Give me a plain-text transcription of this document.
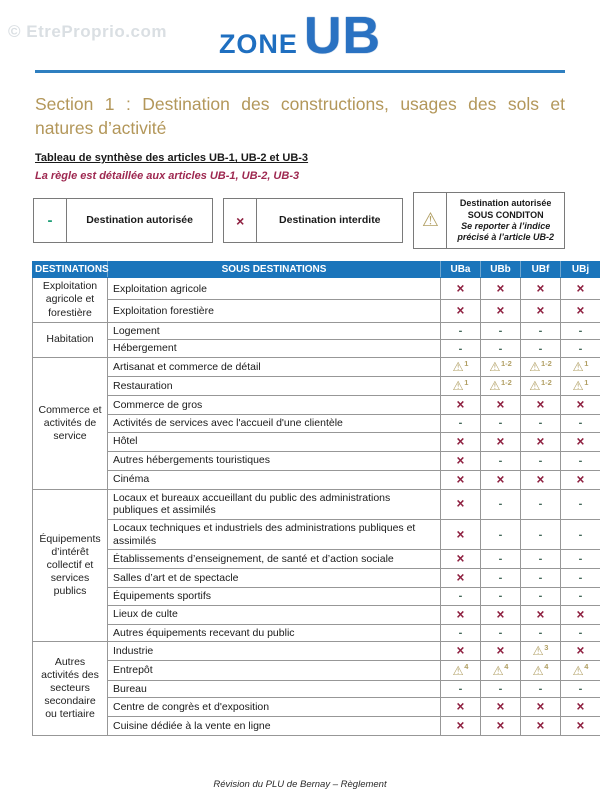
© EtreProprio.com ZONE UB
Section 1 : Destination des constructions, usages des sols et natures d’activité
Tableau de synthèse des articles UB-1, UB-2 et UB-3
La règle est détaillée aux articles UB-1, UB-2, UB-3
-	Destination autorisée	×	Destination interdite	⚠︎
Destination autorisée
SOUS CONDITON
Se reporter à l’indice
précisé à l’article UB-2
DESTINATIONS	SOUS DESTINATIONS	UBa	UBb	UBf	UBj
Exploitation agricole et forestière	Exploitation agricole	×	×	×	×
	Exploitation forestière	×	×	×	×
Habitation	Logement	-	-	-	-
	Hébergement	-	-	-	-
Commerce et activités de service	Artisanat et commerce de détail	⚠︎$^1$	⚠︎$^{1-2}$	⚠︎$^{1-2}$	⚠︎$^1$
	Restauration	⚠︎$^1$	⚠︎$^{1-2}$	⚠︎$^{1-2}$	⚠︎$^1$
	Commerce de gros	×	×	×	×
	Activités de services avec l'accueil d'une clientèle	-	-	-	-
	Hôtel	×	×	×	×
	Autres hébergements touristiques	×	-	-	-
	Cinéma	×	×	×	×
Équipements d’intérêt collectif et services publics	Locaux et bureaux accueillant du public des administrations publiques et assimilés	×	-	-	-
	Locaux techniques et industriels des administrations publiques et assimilés	×	-	-	-
	Établissements d’enseignement, de santé et d’action sociale	×	-	-	-
	Salles d’art et de spectacle	×	-	-	-
	Équipements sportifs	-	-	-	-
	Lieux de culte	×	×	×	×
	Autres équipements recevant du public	-	-	-	-
Autres activités des secteurs secondaire ou tertiaire	Industrie	×	×	⚠︎$^3$	×
	Entrepôt	⚠︎$^4$	⚠︎$^4$	⚠︎$^4$	⚠︎$^4$
	Bureau	-	-	-	-
	Centre de congrès et d'exposition	×	×	×	×
	Cuisine dédiée à la vente en ligne	×	×	×	×
Révision du PLU de Bernay – Règlement
